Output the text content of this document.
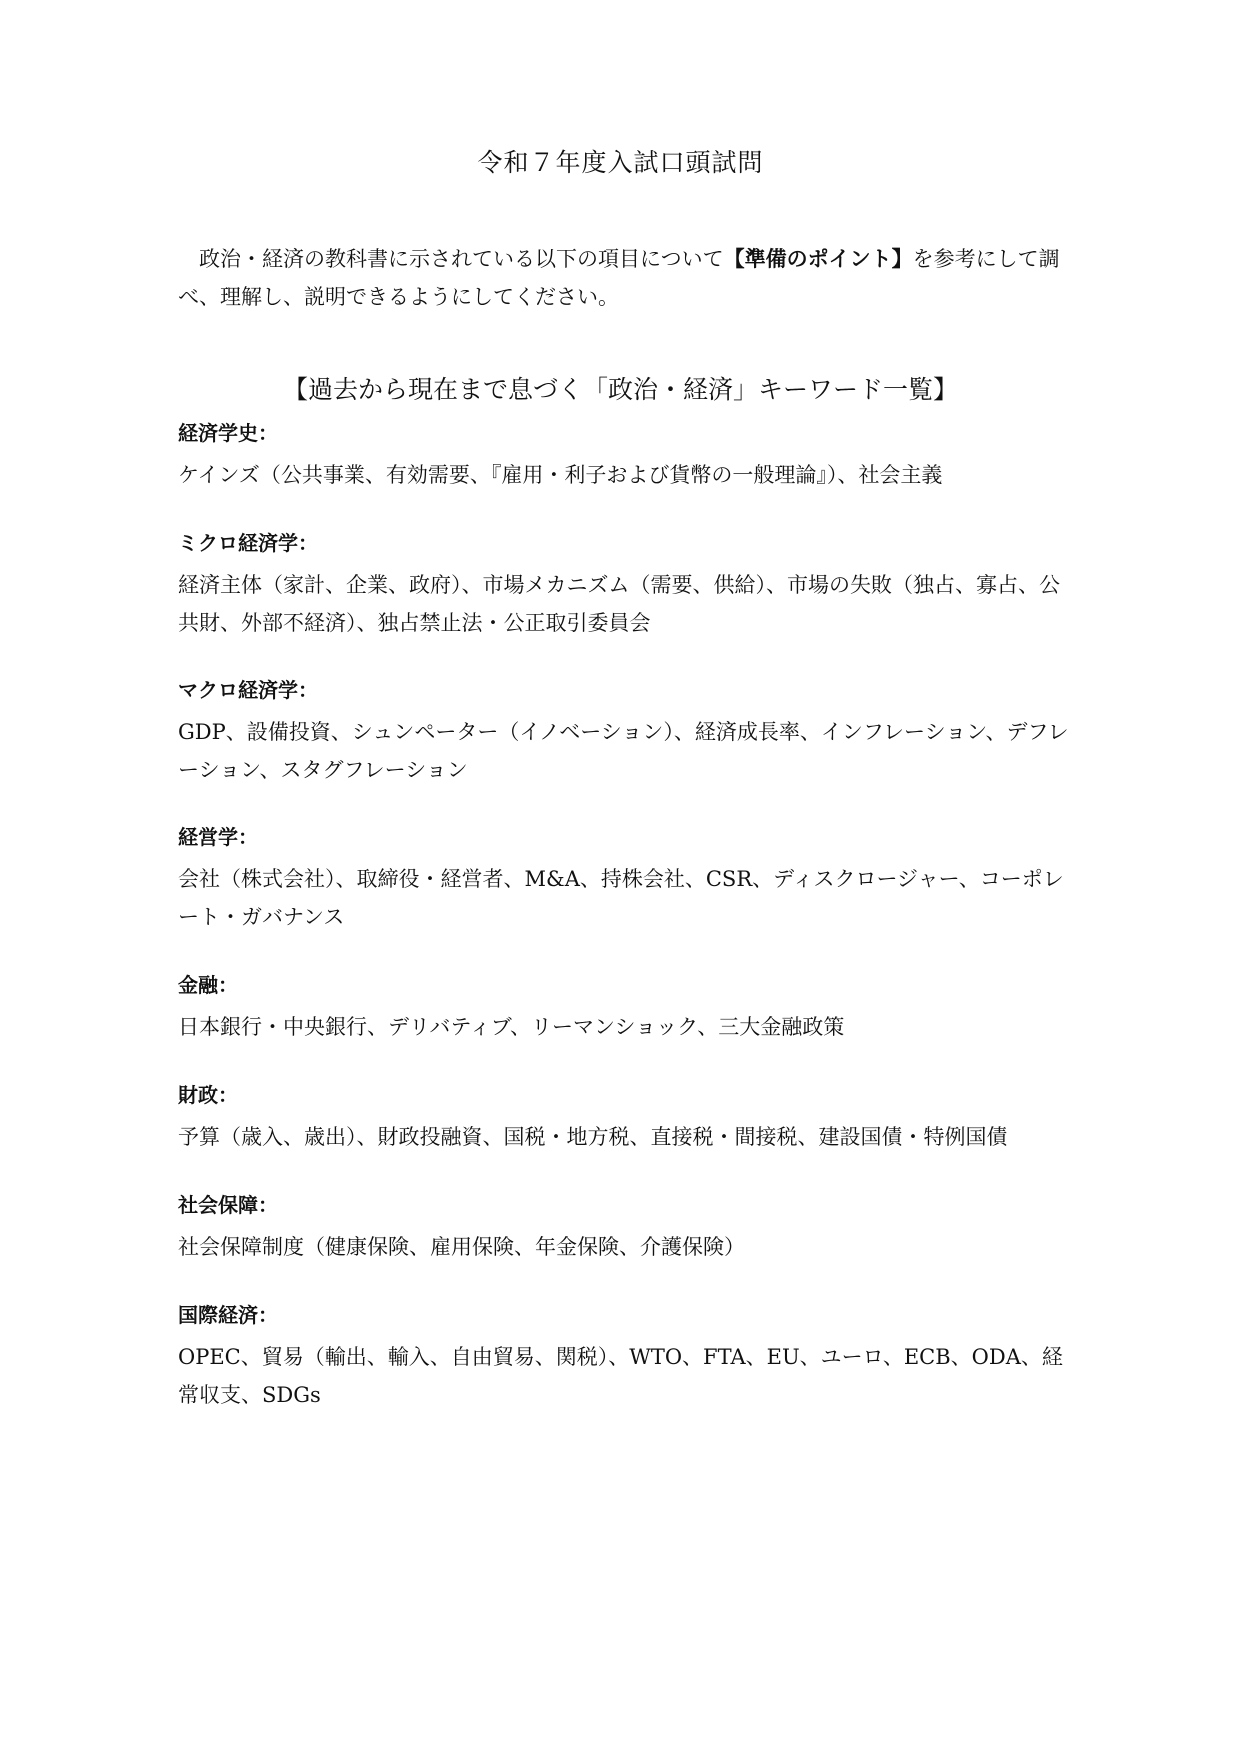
令和７年度入試口頭試問

政治・経済の教科書に示されている以下の項目について【準備のポイント】を参考にして調べ、理解し、説明できるようにしてください。

【過去から現在まで息づく「政治・経済」キーワード一覧】
経済学史：

ケインズ（公共事業、有効需要、『雇用・利子および貨幣の一般理論』）、社会主義

ミクロ経済学：

経済主体（家計、企業、政府）、市場メカニズム（需要、供給）、市場の失敗（独占、寡占、公共財、外部不経済）、独占禁止法・公正取引委員会

マクロ経済学：

GDP、設備投資、シュンペーター（イノベーション）、経済成長率、インフレーション、デフレーション、スタグフレーション

経営学：

会社（株式会社）、取締役・経営者、M&A、持株会社、CSR、ディスクロージャー、コーポレート・ガバナンス

金融：

日本銀行・中央銀行、デリバティブ、リーマンショック、三大金融政策

財政：

予算（歳入、歳出）、財政投融資、国税・地方税、直接税・間接税、建設国債・特例国債

社会保障：

社会保障制度（健康保険、雇用保険、年金保険、介護保険）

国際経済：

OPEC、貿易（輸出、輸入、自由貿易、関税）、WTO、FTA、EU、ユーロ、ECB、ODA、経常収支、SDGs
